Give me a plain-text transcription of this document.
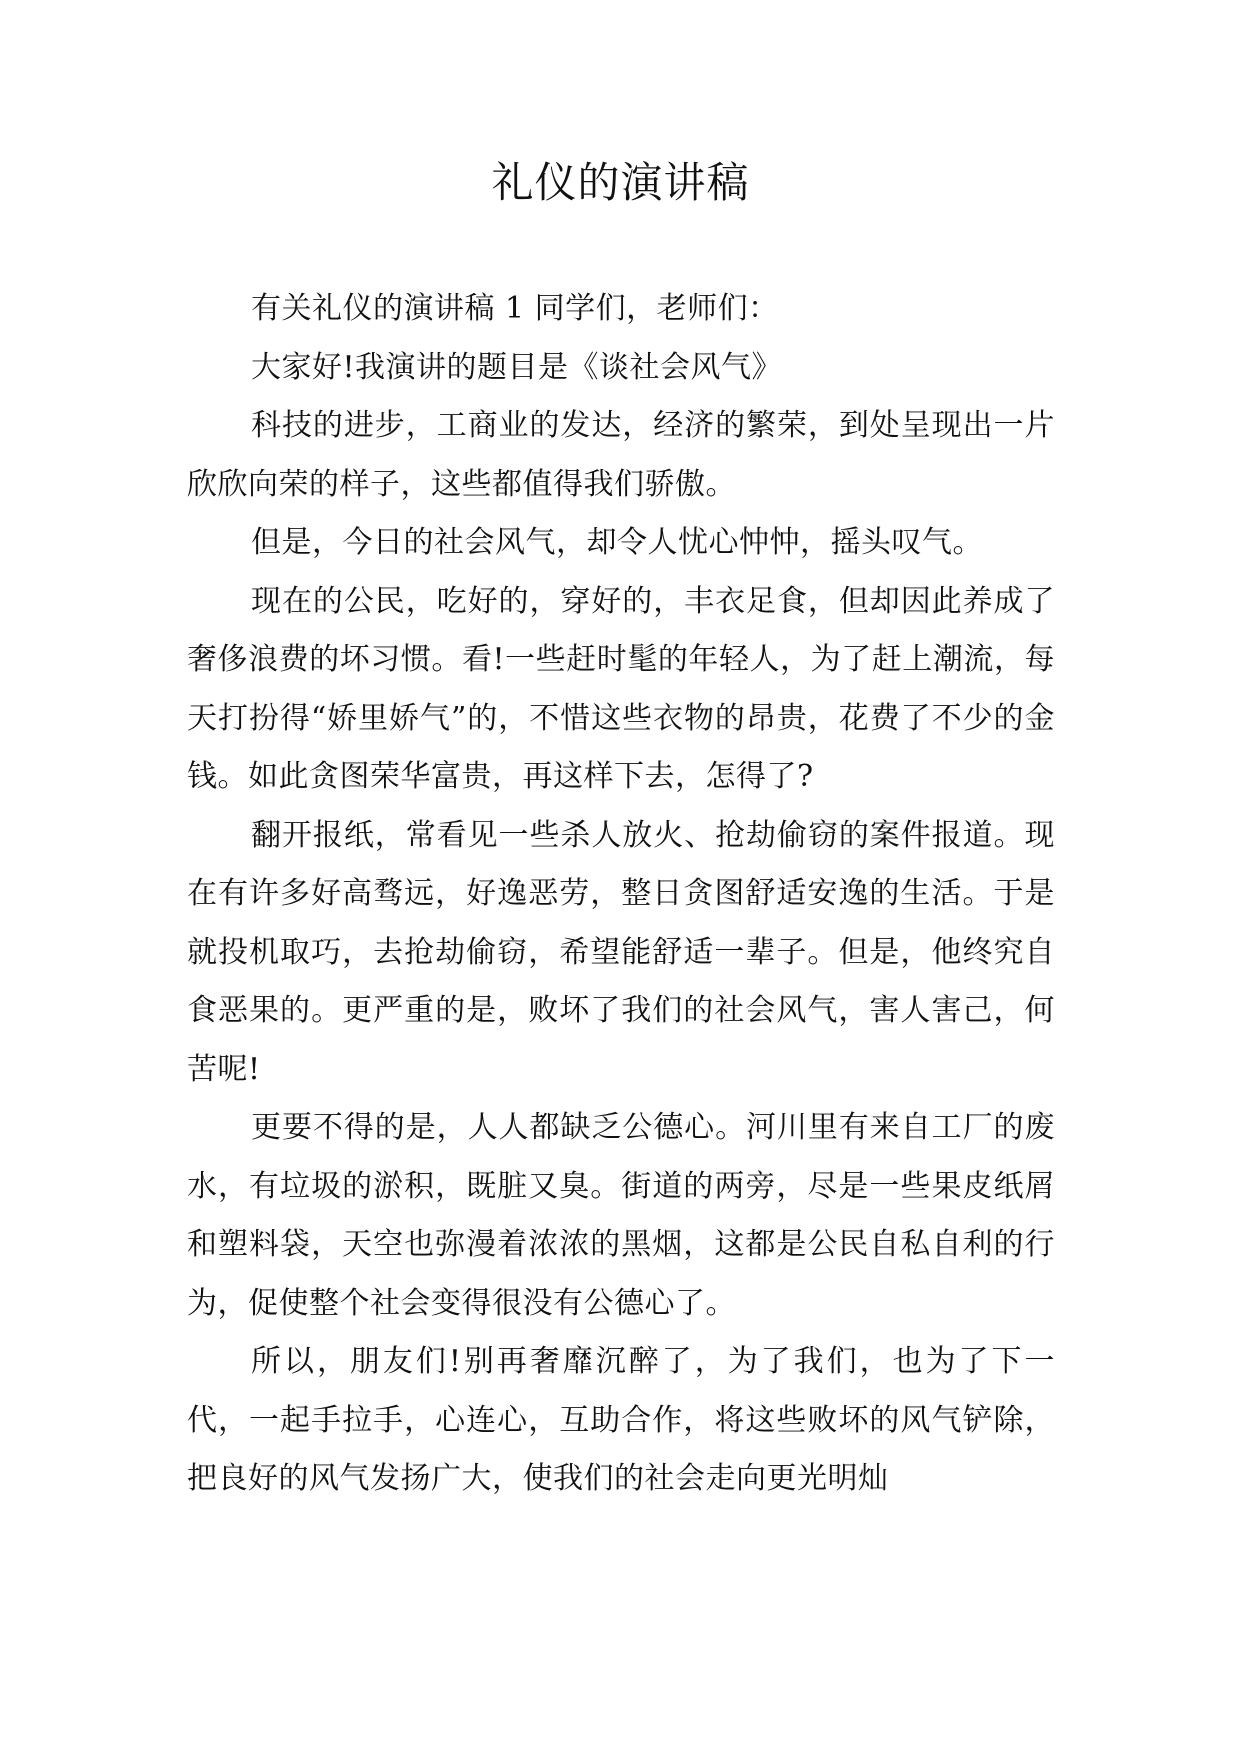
礼仪的演讲稿

有关礼仪的演讲稿 1 同学们，老师们：

大家好!我演讲的题目是《谈社会风气》

科技的进步，工商业的发达，经济的繁荣，到处呈现出一片欣欣向荣的样子，这些都值得我们骄傲。

但是，今日的社会风气，却令人忧心忡忡，摇头叹气。

现在的公民，吃好的，穿好的，丰衣足食，但却因此养成了奢侈浪费的坏习惯。看!一些赶时髦的年轻人，为了赶上潮流，每天打扮得“娇里娇气”的，不惜这些衣物的昂贵，花费了不少的金钱。如此贪图荣华富贵，再这样下去，怎得了?

翻开报纸，常看见一些杀人放火、抢劫偷窃的案件报道。现在有许多好高骛远，好逸恶劳，整日贪图舒适安逸的生活。于是就投机取巧，去抢劫偷窃，希望能舒适一辈子。但是，他终究自食恶果的。更严重的是，败坏了我们的社会风气，害人害己，何苦呢!

更要不得的是，人人都缺乏公德心。河川里有来自工厂的废水，有垃圾的淤积，既脏又臭。街道的两旁，尽是一些果皮纸屑和塑料袋，天空也弥漫着浓浓的黑烟，这都是公民自私自利的行为，促使整个社会变得很没有公德心了。

所以，朋友们!别再奢靡沉醉了，为了我们，也为了下一代，一起手拉手，心连心，互助合作，将这些败坏的风气铲除，把良好的风气发扬广大，使我们的社会走向更光明灿
